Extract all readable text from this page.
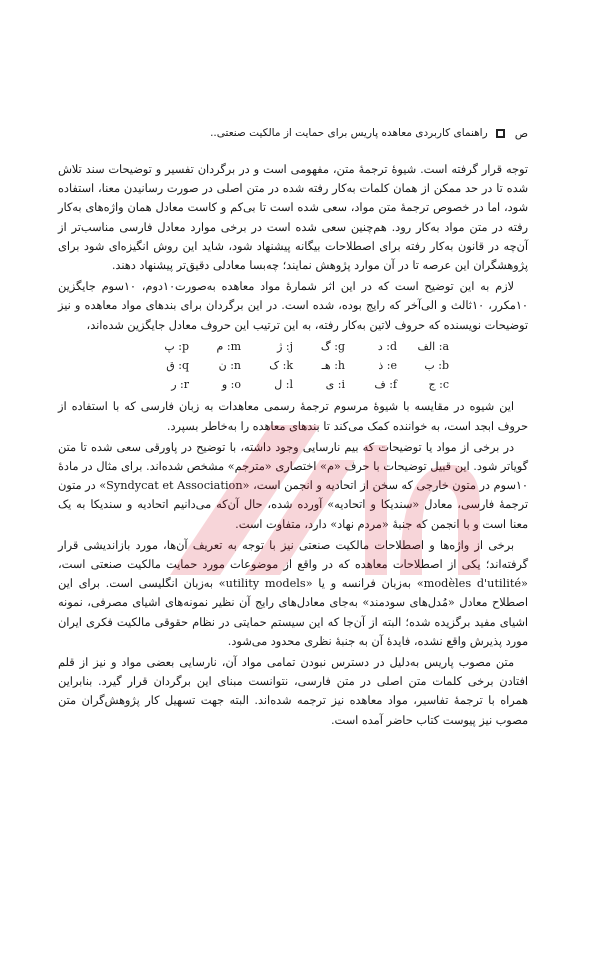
ص
راهنمای کاربردی معاهده پاریس برای حمایت از مالکیت صنعتی..

توجه قرار گرفته است. شیوۀ ترجمۀ متن، مفهومی است و در برگردان تفسیر و توضیحات سند تلاش شده تا در حد ممکن از همان کلمات به‌کار رفته شده در متن اصلی در صورت رسانیدن معنا، استفاده شود، اما در خصوص ترجمۀ متن مواد، سعی شده است تا بی‌کم و کاست معادل همان واژه‌های به‌کار رفته در متن مواد به‌کار رود. هم‌چنین سعی شده است در برخی موارد معادل فارسی مناسب‌تر از آن‌چه در قانون به‌کار رفته برای اصطلاحات بیگانه پیشنهاد شود، شاید این روش انگیزه‌ای شود برای پژوهشگران این عرصه تا در آن موارد پژوهش نمایند؛ چه‌بسا معادلی دقیق‌تر پیشنهاد دهند.

لازم به این توضیح است که در این اثر شمارۀ مواد معاهده به‌صورت۱۰دوم، ۱۰سوم جایگزین ۱۰مکرر، ۱۰ثالث و الی‌آخر که رایج بوده، شده است. در این برگردان برای بندهای مواد معاهده و نیز توضیحات نویسنده که حروف لاتین به‌کار رفته، به این ترتیب این حروف معادل جایگزین شده‌اند،

a: الف
d: د
g: گ
j: ژ
m: م
p: پ
b: ب
e: ذ
h: هـ
k: ک
n: ن
q: ق
c: ج
f: ف
i: ی
l: ل
o: و
r: ر

این شیوه در مقایسه با شیوۀ مرسوم ترجمۀ رسمی معاهدات به زبان فارسی که با استفاده از حروف ابجد است، به خواننده کمک می‌کند تا بندهای معاهده را به‌خاطر بسپرد.

در برخی از مواد یا توضیحات که بیم نارسایی وجود داشته، با توضیح در پاورقی سعی شده تا متن گویاتر شود. این قبیل توضیحات با حرف «م» اختصاری «مترجم» مشخص شده‌اند. برای مثال در مادۀ ۱۰سوم در متون خارجی که سخن از اتحادیه و انجمن است، «Syndycat et Association» در متون ترجمۀ فارسی، معادل «سندیکا و اتحادیه» آورده شده، حال آن‌که می‌دانیم اتحادیه و سندیکا به یک معنا است و با انجمن که جنبۀ «مردم نهاد» دارد، متفاوت است.

برخی از واژه‌ها و اصطلاحات مالکیت صنعتی نیز با توجه به تعریف آن‌ها، مورد بازاندیشی قرار گرفته‌اند؛ یکی از اصطلاحات معاهده که در واقع از موضوعات مورد حمایت مالکیت صنعتی است، «modèles d'utilité» به‌زبان فرانسه و یا «utility models» به‌زبان انگلیسی است. برای این اصطلاح معادل «مُدل‌های سودمند» به‌جای معادل‌های رایج آن نظیر نمونه‌های اشیای مصرفی، نمونه اشیای مفید برگزیده شده؛ البته از آن‌جا که این سیستم حمایتی در نظام حقوقی مالکیت فکری ایران مورد پذیرش واقع نشده، فایدۀ آن به جنبۀ نظری محدود می‌شود.

متن مصوب پاریس به‌دلیل در دسترس نبودن تمامی مواد آن، نارسایی بعضی مواد و نیز از قلم افتادن برخی کلمات متن اصلی در متن فارسی، نتوانست مبنای این برگردان قرار گیرد. بنابراین همراه با ترجمۀ تفاسیر، مواد معاهده نیز ترجمه شده‌اند. البته جهت تسهیل کار پژوهش‌گران متن مصوب نیز پیوست کتاب حاضر آمده است.
